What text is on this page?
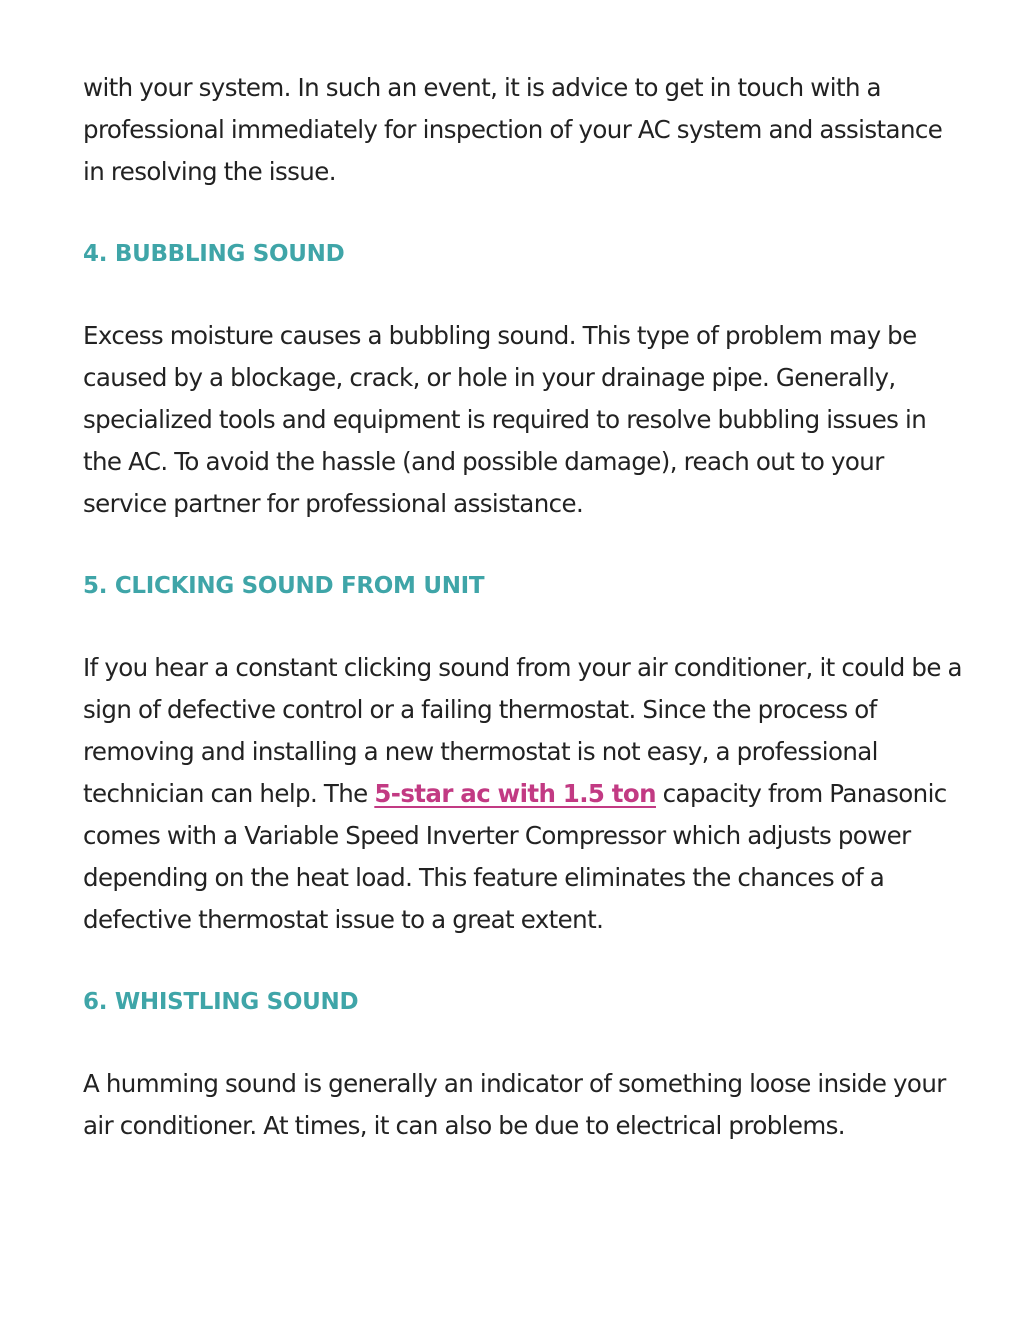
with your system. In such an event, it is advice to get in touch with a professional immediately for inspection of your AC system and assistance in resolving the issue.

4. BUBBLING SOUND

Excess moisture causes a bubbling sound. This type of problem may be caused by a blockage, crack, or hole in your drainage pipe. Generally, specialized tools and equipment is required to resolve bubbling issues in the AC. To avoid the hassle (and possible damage), reach out to your service partner for professional assistance.

5. CLICKING SOUND FROM UNIT

If you hear a constant clicking sound from your air conditioner, it could be a sign of defective control or a failing thermostat. Since the process of removing and installing a new thermostat is not easy, a professional technician can help. The 5-star ac with 1.5 ton capacity from Panasonic comes with a Variable Speed Inverter Compressor which adjusts power depending on the heat load. This feature eliminates the chances of a defective thermostat issue to a great extent.

6. WHISTLING SOUND

A humming sound is generally an indicator of something loose inside your air conditioner. At times, it can also be due to electrical problems.
